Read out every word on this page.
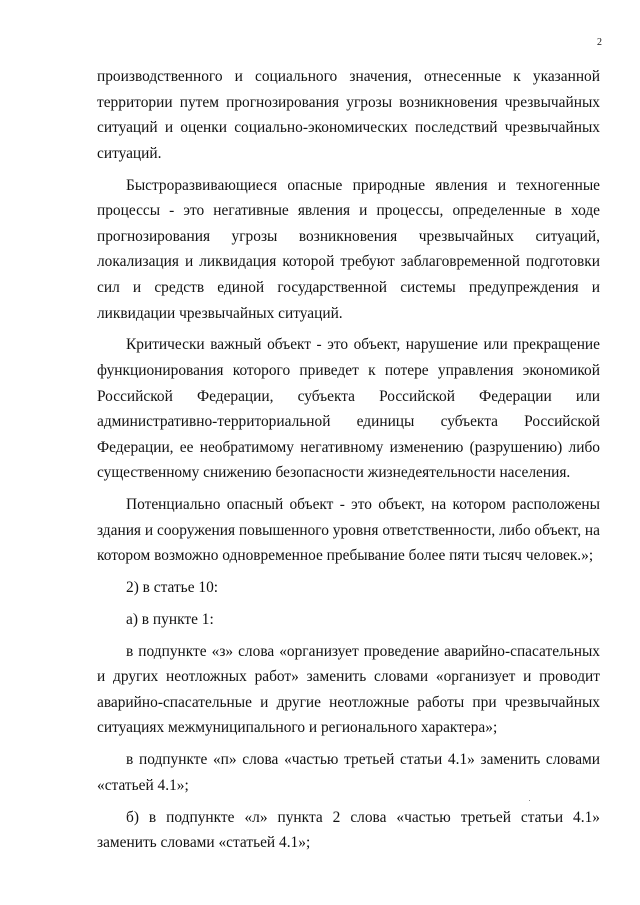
2

производственного и социального значения, отнесенные к указанной территории путем прогнозирования угрозы возникновения чрезвычайных ситуаций и оценки социально-экономических последствий чрезвычайных ситуаций.

Быстроразвивающиеся опасные природные явления и техногенные процессы - это негативные явления и процессы, определенные в ходе прогнозирования угрозы возникновения чрезвычайных ситуаций, локализация и ликвидация которой требуют заблаговременной подготовки сил и средств единой государственной системы предупреждения и ликвидации чрезвычайных ситуаций.

Критически важный объект - это объект, нарушение или прекращение функционирования которого приведет к потере управления экономикой Российской Федерации, субъекта Российской Федерации или административно-территориальной единицы субъекта Российской Федерации, ее необратимому негативному изменению (разрушению) либо существенному снижению безопасности жизнедеятельности населения.

Потенциально опасный объект - это объект, на котором расположены здания и сооружения повышенного уровня ответственности, либо объект, на котором возможно одновременное пребывание более пяти тысяч человек.»;

2) в статье 10:

а) в пункте 1:

в подпункте «з» слова «организует проведение аварийно-спасательных и других неотложных работ» заменить словами «организует и проводит аварийно-спасательные и другие неотложные работы при чрезвычайных ситуациях межмуниципального и регионального характера»;

в подпункте «п» слова «частью третьей статьи 4.1» заменить словами «статьей 4.1»;

б) в подпункте «л» пункта 2 слова «частью третьей статьи 4.1» заменить словами «статьей 4.1»;
